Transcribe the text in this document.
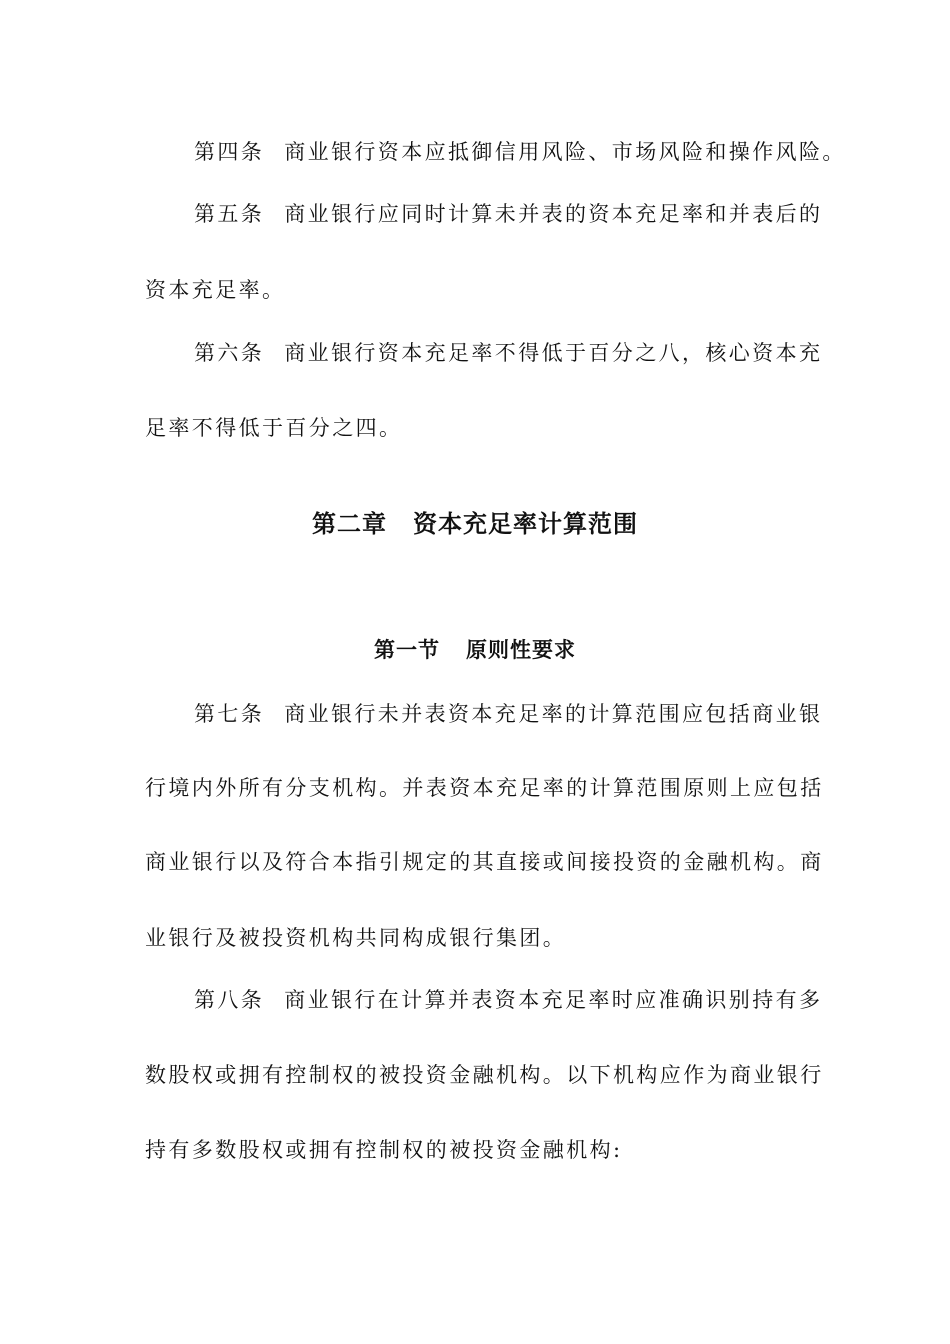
第四条 商业银行资本应抵御信用风险、市场风险和操作风险。
第五条 商业银行应同时计算未并表的资本充足率和并表后的
资本充足率。
第六条 商业银行资本充足率不得低于百分之八，核心资本充
足率不得低于百分之四。
第二章 资本充足率计算范围
第一节 原则性要求
第七条 商业银行未并表资本充足率的计算范围应包括商业银
行境内外所有分支机构。并表资本充足率的计算范围原则上应包括
商业银行以及符合本指引规定的其直接或间接投资的金融机构。商
业银行及被投资机构共同构成银行集团。
第八条 商业银行在计算并表资本充足率时应准确识别持有多
数股权或拥有控制权的被投资金融机构。以下机构应作为商业银行
持有多数股权或拥有控制权的被投资金融机构:
